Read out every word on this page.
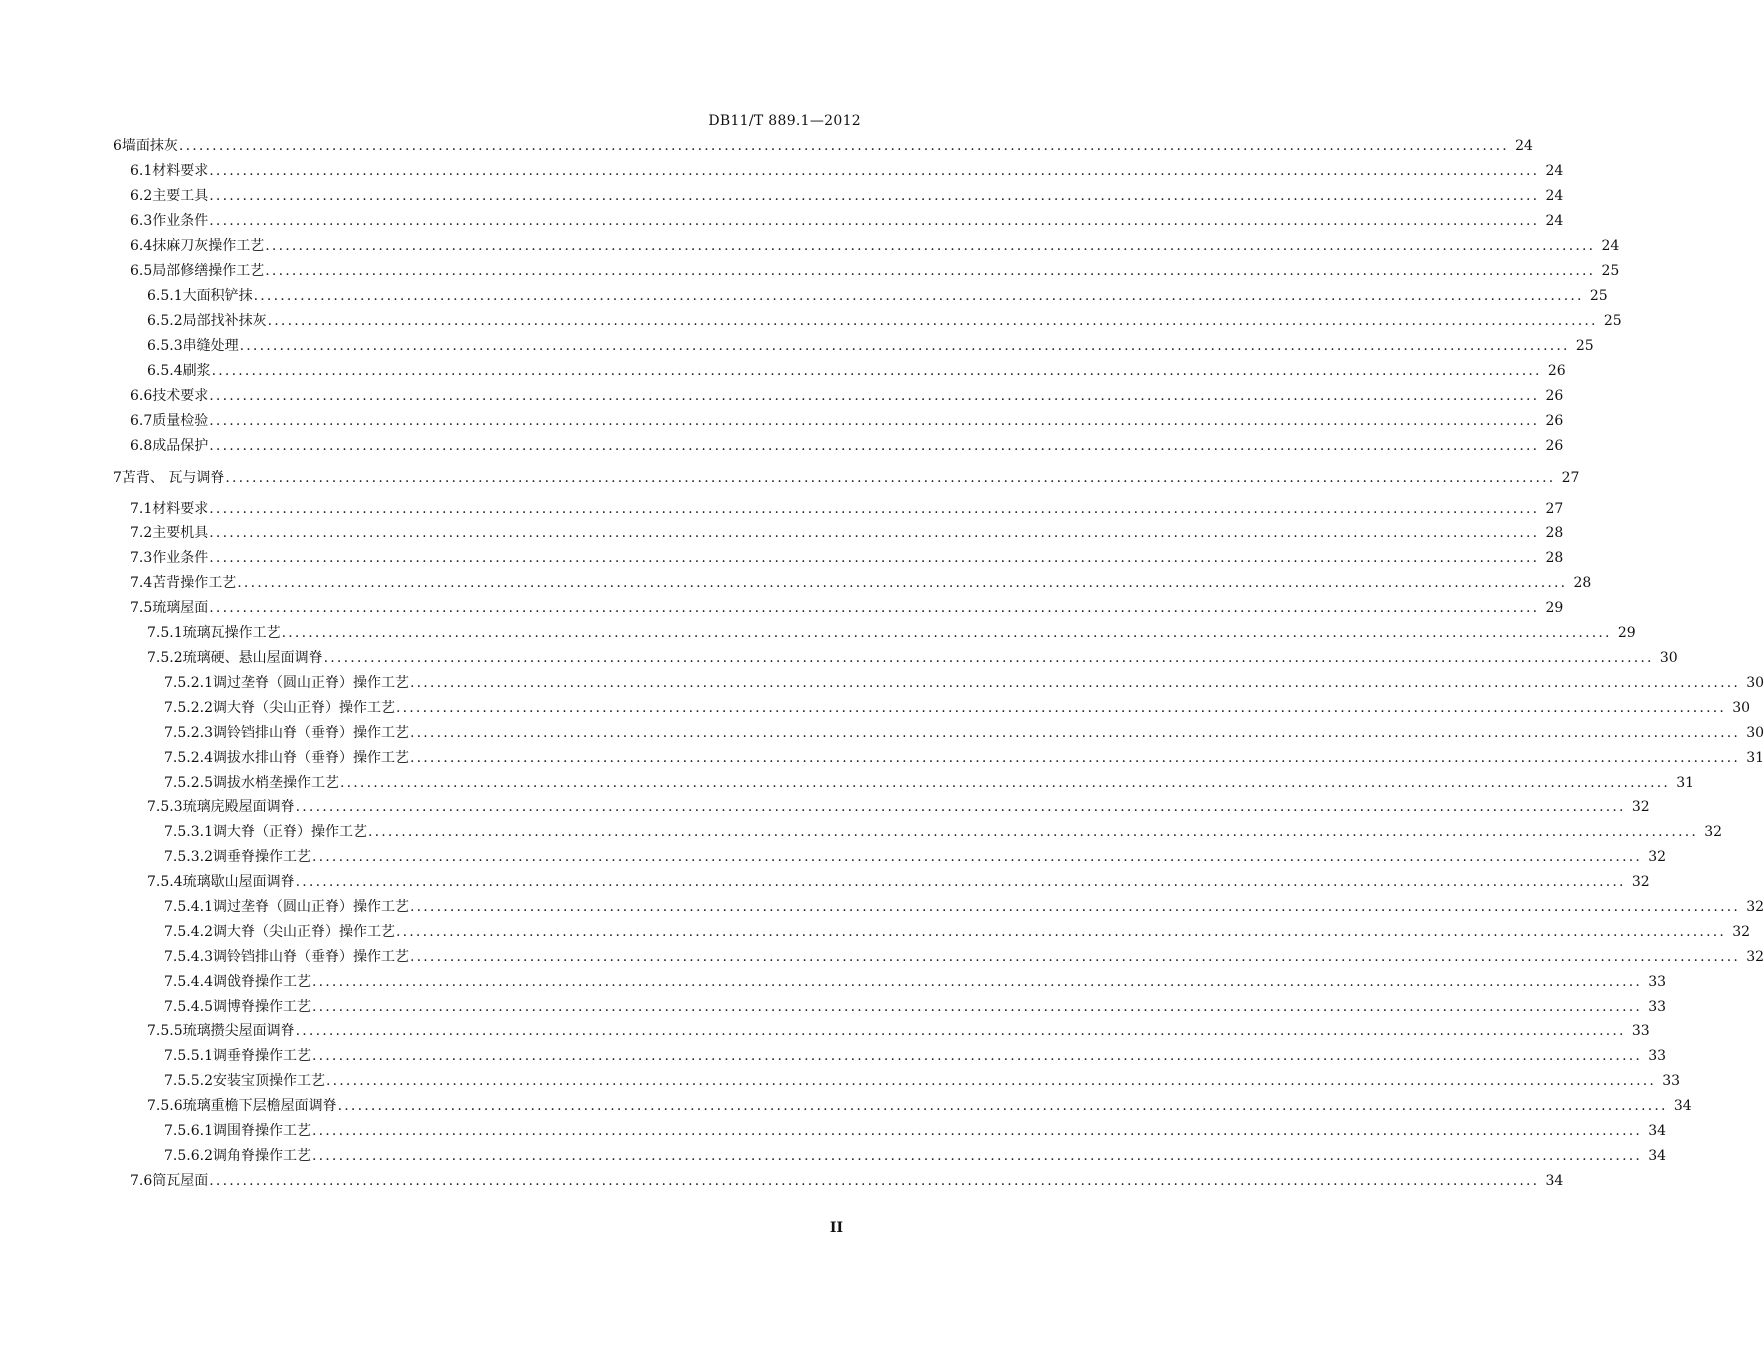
DB11/T 889.1—2012
6 墙面抹灰 ........................................................................................................................................................................................................ 24
6.1 材料要求 ........................................................................................................................................................................................................ 24
6.2 主要工具 ........................................................................................................................................................................................................ 24
6.3 作业条件 ........................................................................................................................................................................................................ 24
6.4 抹麻刀灰操作工艺 ........................................................................................................................................................................................................ 24
6.5 局部修缮操作工艺 ........................................................................................................................................................................................................ 25
6.5.1 大面积铲抹 ........................................................................................................................................................................................................ 25
6.5.2 局部找补抹灰 ........................................................................................................................................................................................................ 25
6.5.3 串缝处理 ........................................................................................................................................................................................................ 25
6.5.4 刷浆 ........................................................................................................................................................................................................ 26
6.6 技术要求 ........................................................................................................................................................................................................ 26
6.7 质量检验 ........................................................................................................................................................................................................ 26
6.8 成品保护 ........................................................................................................................................................................................................ 26
7 苫背、 瓦与调脊 ........................................................................................................................................................................................................ 27
7.1 材料要求 ........................................................................................................................................................................................................ 27
7.2 主要机具 ........................................................................................................................................................................................................ 28
7.3 作业条件 ........................................................................................................................................................................................................ 28
7.4 苫背操作工艺 ........................................................................................................................................................................................................ 28
7.5 琉璃屋面 ........................................................................................................................................................................................................ 29
7.5.1 琉璃瓦操作工艺 ........................................................................................................................................................................................................ 29
7.5.2 琉璃硬、悬山屋面调脊 ........................................................................................................................................................................................................ 30
7.5.2.1 调过垄脊（圆山正脊）操作工艺 ........................................................................................................................................................................................................ 30
7.5.2.2 调大脊（尖山正脊）操作工艺 ........................................................................................................................................................................................................ 30
7.5.2.3 调铃铛排山脊（垂脊）操作工艺 ........................................................................................................................................................................................................ 30
7.5.2.4 调拔水排山脊（垂脊）操作工艺 ........................................................................................................................................................................................................ 31
7.5.2.5 调拔水梢垄操作工艺 ........................................................................................................................................................................................................ 31
7.5.3 琉璃庑殿屋面调脊 ........................................................................................................................................................................................................ 32
7.5.3.1 调大脊（正脊）操作工艺 ........................................................................................................................................................................................................ 32
7.5.3.2 调垂脊操作工艺 ........................................................................................................................................................................................................ 32
7.5.4 琉璃歇山屋面调脊 ........................................................................................................................................................................................................ 32
7.5.4.1 调过垄脊（圆山正脊）操作工艺 ........................................................................................................................................................................................................ 32
7.5.4.2 调大脊（尖山正脊）操作工艺 ........................................................................................................................................................................................................ 32
7.5.4.3 调铃铛排山脊（垂脊）操作工艺 ........................................................................................................................................................................................................ 32
7.5.4.4 调戗脊操作工艺 ........................................................................................................................................................................................................ 33
7.5.4.5 调博脊操作工艺 ........................................................................................................................................................................................................ 33
7.5.5 琉璃攒尖屋面调脊 ........................................................................................................................................................................................................ 33
7.5.5.1 调垂脊操作工艺 ........................................................................................................................................................................................................ 33
7.5.5.2 安装宝顶操作工艺 ........................................................................................................................................................................................................ 33
7.5.6 琉璃重檐下层檐屋面调脊 ........................................................................................................................................................................................................ 34
7.5.6.1 调围脊操作工艺 ........................................................................................................................................................................................................ 34
7.5.6.2 调角脊操作工艺 ........................................................................................................................................................................................................ 34
7.6 筒瓦屋面 ........................................................................................................................................................................................................ 34
II
